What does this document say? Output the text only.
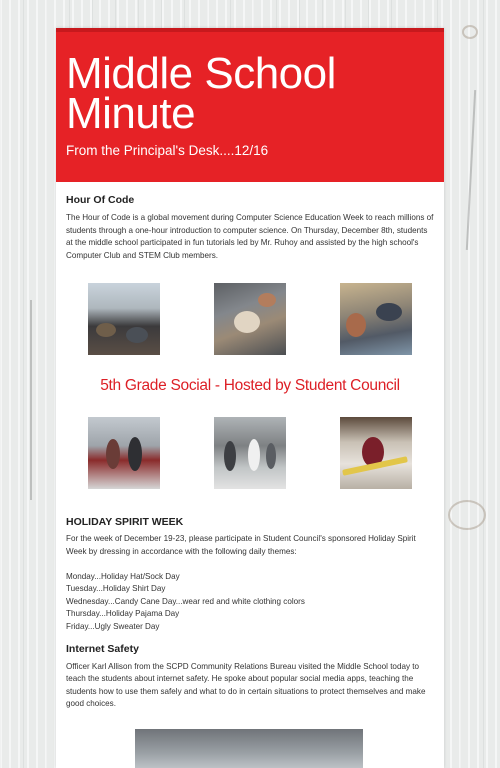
Middle School
Minute
From the Principal's Desk....12/16
Hour Of Code

The Hour of Code is a global movement during Computer Science Education Week to reach millions of students through a one-hour introduction to computer science. On Thursday, December 8th, students at the middle school participated in fun tutorials led by Mr. Ruhoy and assisted by the high school's Computer Club and STEM Club members.

5th Grade Social - Hosted by Student Council
HOLIDAY SPIRIT WEEK

For the week of December 19-23, please participate in Student Council's sponsored Holiday Spirit Week by dressing in accordance with the following daily themes:

Monday...Holiday Hat/Sock Day

Tuesday...Holiday Shirt Day

Wednesday...Candy Cane Day...wear red and white clothing colors

Thursday...Holiday Pajama Day

Friday...Ugly Sweater Day

Internet Safety

Officer Karl Allison from the SCPD Community Relations Bureau visited the Middle School today to teach the students about internet safety. He spoke about popular social media apps, teaching the students how to use them safely and what to do in certain situations to protect themselves and make good choices.
